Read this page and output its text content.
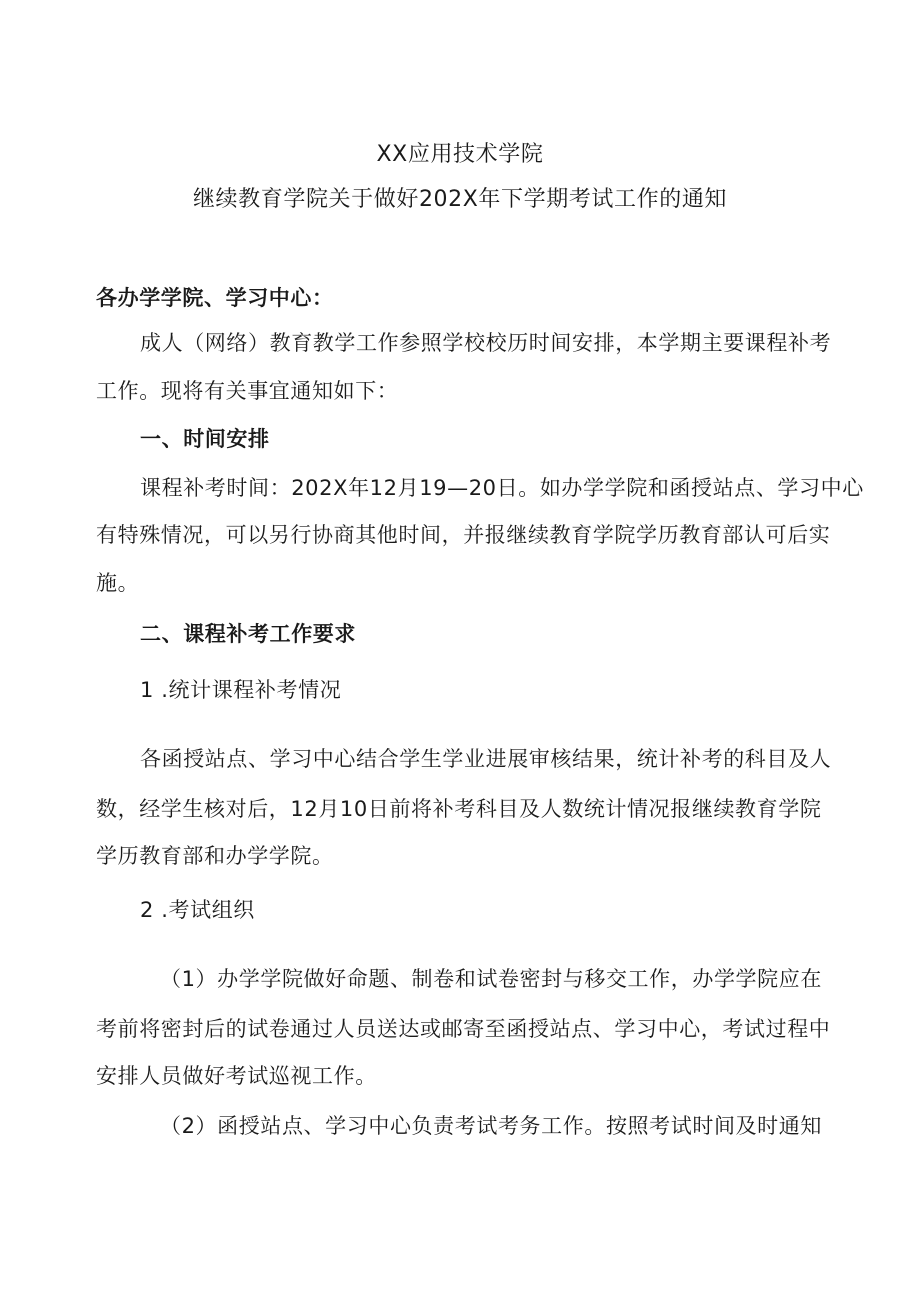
XX应用技术学院
继续教育学院关于做好202X年下学期考试工作的通知
各办学学院、学习中心：
成人（网络）教育教学工作参照学校校历时间安排，本学期主要课程补考
工作。现将有关事宜通知如下：
一、时间安排
课程补考时间：202X年12月19—20日。如办学学院和函授站点、学习中心
有特殊情况，可以另行协商其他时间，并报继续教育学院学历教育部认可后实
施。
二、课程补考工作要求
1 .统计课程补考情况
各函授站点、学习中心结合学生学业进展审核结果，统计补考的科目及人
数，经学生核对后，12月10日前将补考科目及人数统计情况报继续教育学院
学历教育部和办学学院。
2 .考试组织
（1）办学学院做好命题、制卷和试卷密封与移交工作，办学学院应在
考前将密封后的试卷通过人员送达或邮寄至函授站点、学习中心，考试过程中
安排人员做好考试巡视工作。
（2）函授站点、学习中心负责考试考务工作。按照考试时间及时通知
